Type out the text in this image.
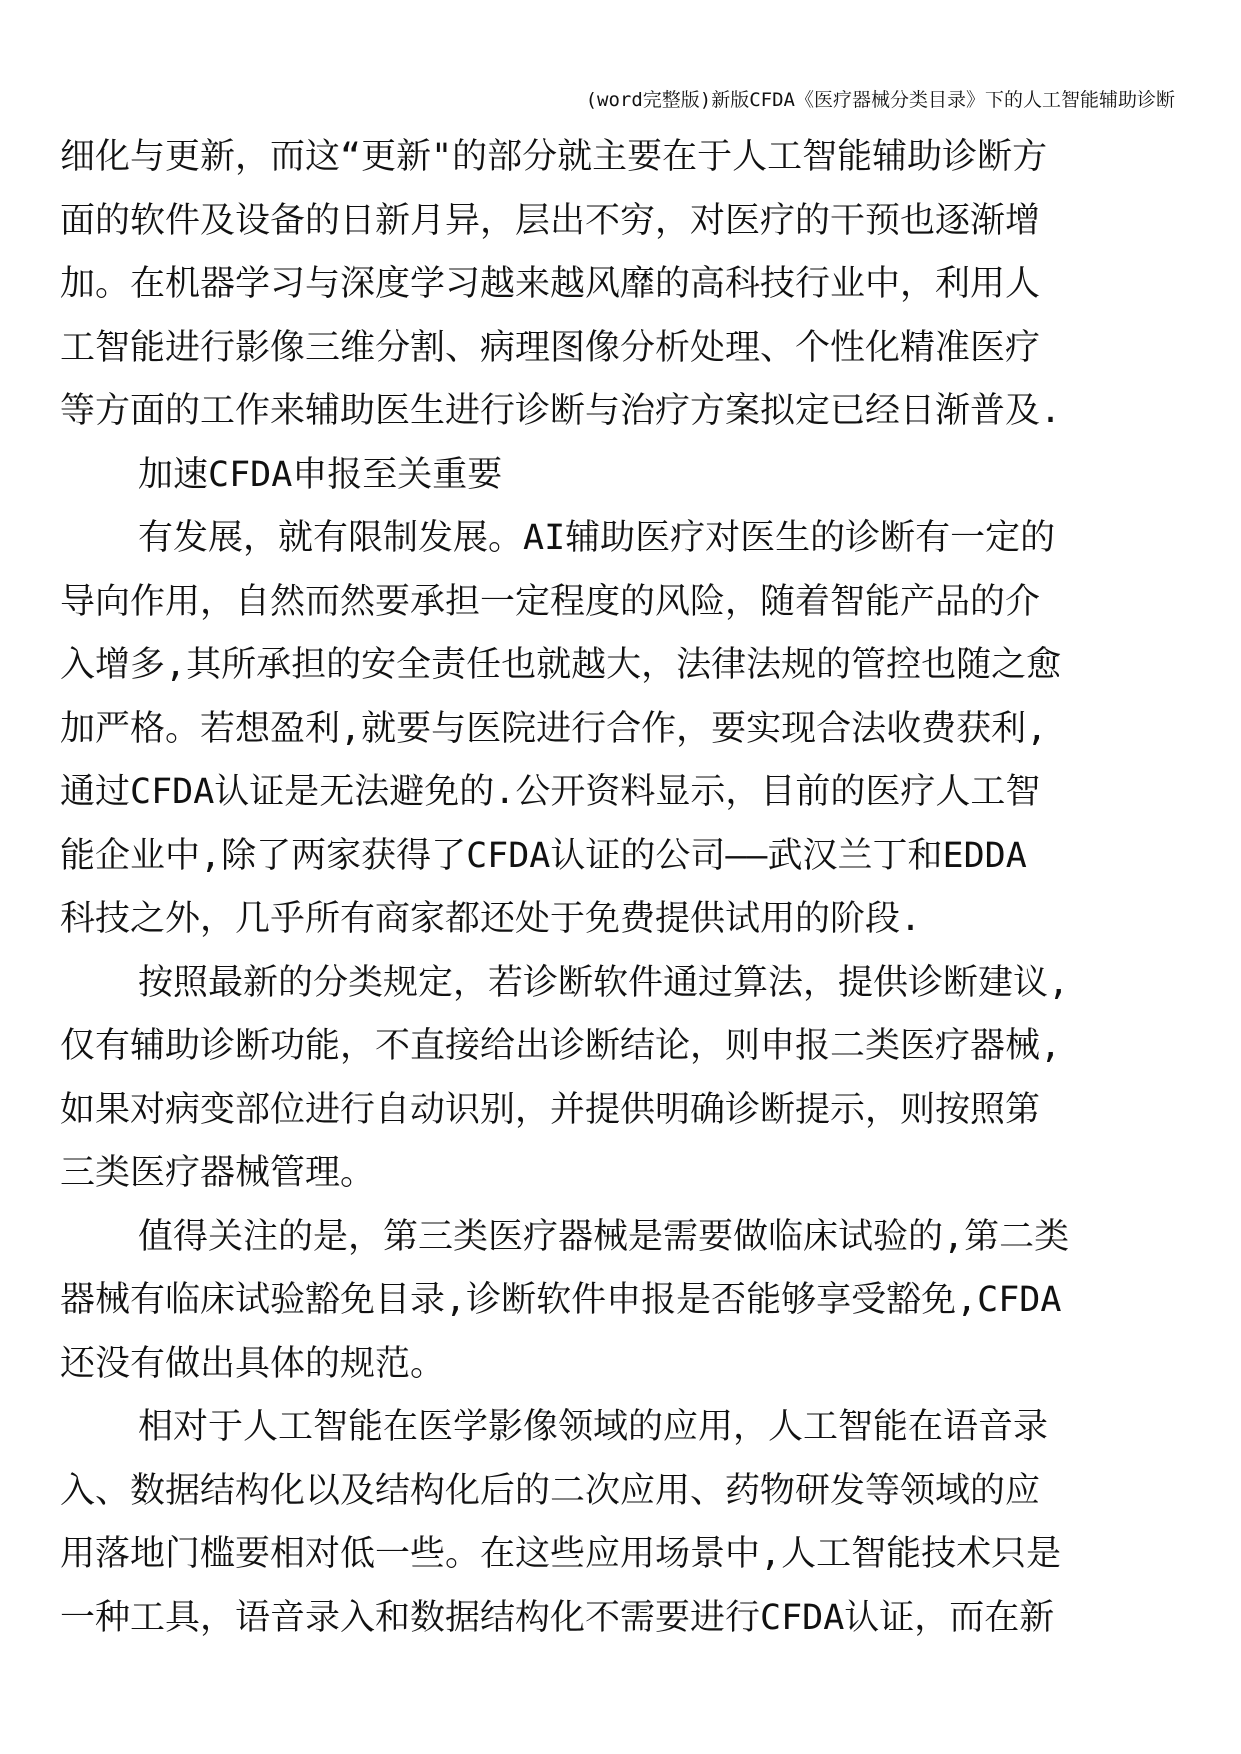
(word完整版)新版CFDA《医疗器械分类目录》下的人工智能辅助诊断
细化与更新，而这“更新"的部分就主要在于人工智能辅助诊断方
面的软件及设备的日新月异，层出不穷，对医疗的干预也逐渐增
加。在机器学习与深度学习越来越风靡的高科技行业中，利用人
工智能进行影像三维分割、病理图像分析处理、个性化精准医疗
等方面的工作来辅助医生进行诊断与治疗方案拟定已经日渐普及.
加速CFDA申报至关重要
有发展，就有限制发展。AI辅助医疗对医生的诊断有一定的
导向作用，自然而然要承担一定程度的风险，随着智能产品的介
入增多,其所承担的安全责任也就越大，法律法规的管控也随之愈
加严格。若想盈利,就要与医院进行合作，要实现合法收费获利,
通过CFDA认证是无法避免的.公开资料显示，目前的医疗人工智
能企业中,除了两家获得了CFDA认证的公司——武汉兰丁和EDDA
科技之外，几乎所有商家都还处于免费提供试用的阶段.
按照最新的分类规定，若诊断软件通过算法，提供诊断建议,
仅有辅助诊断功能，不直接给出诊断结论，则申报二类医疗器械,
如果对病变部位进行自动识别，并提供明确诊断提示，则按照第
三类医疗器械管理。
值得关注的是，第三类医疗器械是需要做临床试验的,第二类
器械有临床试验豁免目录,诊断软件申报是否能够享受豁免,CFDA
还没有做出具体的规范。
相对于人工智能在医学影像领域的应用，人工智能在语音录
入、数据结构化以及结构化后的二次应用、药物研发等领域的应
用落地门槛要相对低一些。在这些应用场景中,人工智能技术只是
一种工具，语音录入和数据结构化不需要进行CFDA认证，而在新
